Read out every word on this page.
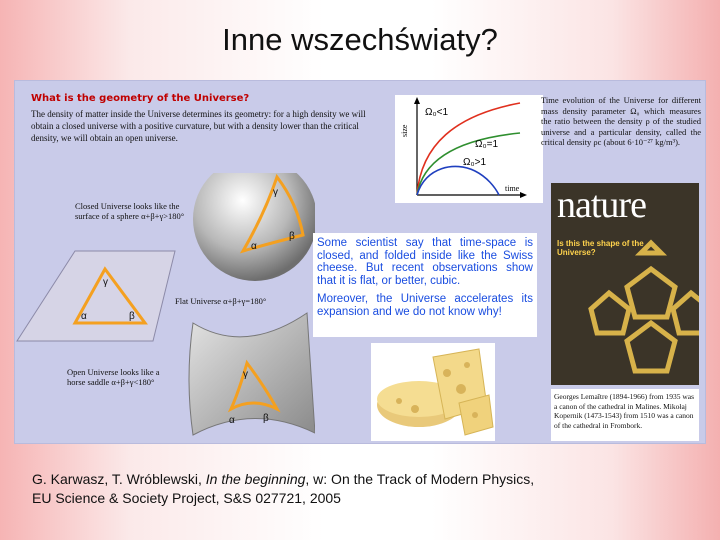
Inne wszechświaty?
What is the geometry of the Universe?
The density of matter inside the Universe determines its geometry: for a high density we will obtain a closed universe with a positive curvature, but with a density lower than the critical density, we will obtain an open universe.
size
time
Ω₀<1
Ω₀=1
Ω₀>1
Time evolution of the Universe for different mass density parameter Ω₀ which measures the ratio between the density ρ of the studied universe and a particular density, called the critical density ρc (about 6·10⁻²⁷ kg/m³).
γ
α
β
γ
α	β
γ
α	β
Closed Universe looks like the surface of a sphere α+β+γ>180°
Flat Universe α+β+γ=180°
Open Universe looks like a horse saddle α+β+γ<180°

Some scientist say that time-space is closed, and folded inside like the Swiss cheese. But recent observations show that it is flat, or better, cubic.

Moreover, the Universe accelerates its expansion and we do not know why!

nature
Is this the shape of the Universe?
Georges Lemaître (1894-1966) from 1935 was a canon of the cathedral in Malines. Mikołaj Kopernik (1473-1543) from 1510 was a canon of the cathedral in Frombork.
G. Karwasz, T. Wróblewski, In the beginning, w: On the Track of Modern Physics,
EU Science & Society Project, S&S 027721, 2005
